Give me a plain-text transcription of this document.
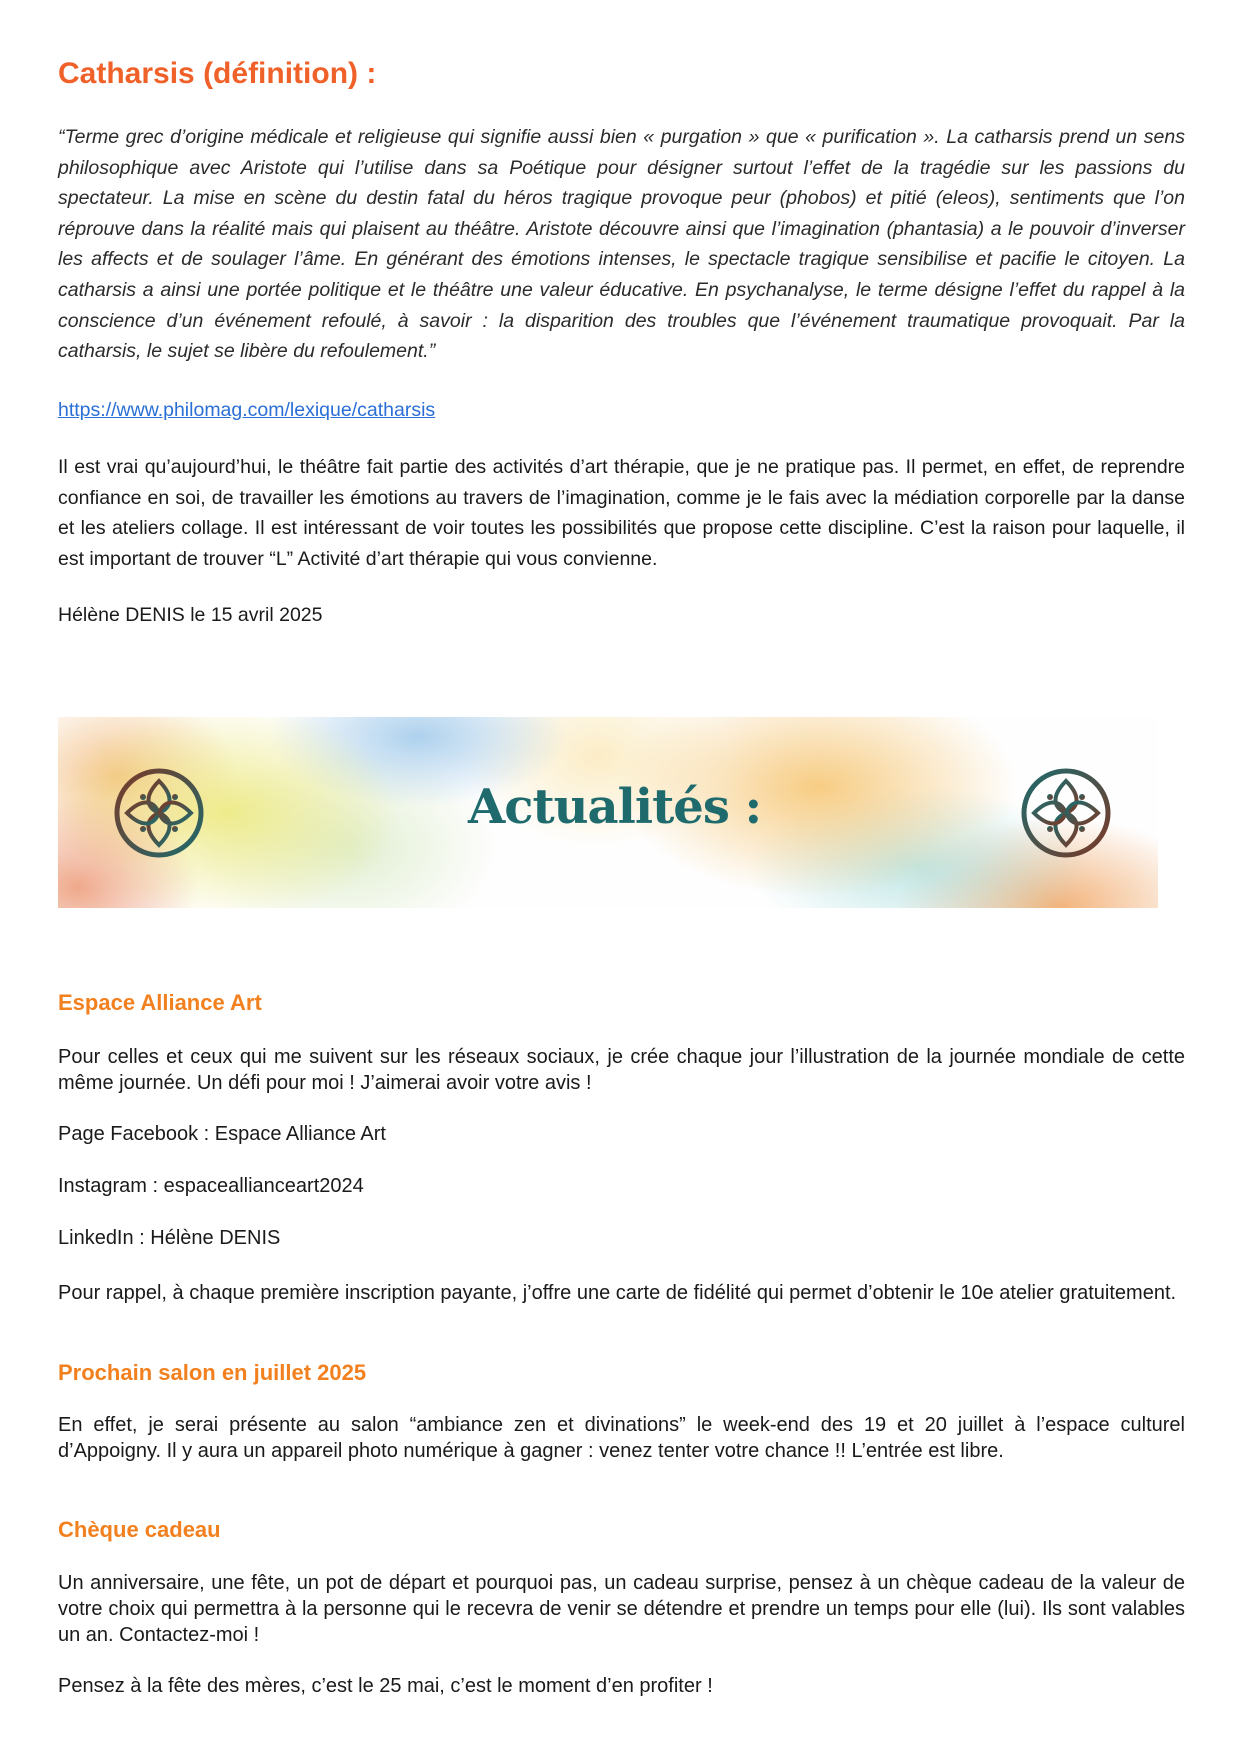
Catharsis (définition) :
“Terme grec d’origine médicale et religieuse qui signifie aussi bien « purgation » que « purification ». La catharsis prend un sens philosophique avec Aristote qui l’utilise dans sa Poétique pour désigner surtout l’effet de la tragédie sur les passions du spectateur. La mise en scène du destin fatal du héros tragique provoque peur (phobos) et pitié (eleos), sentiments que l’on réprouve dans la réalité mais qui plaisent au théâtre. Aristote découvre ainsi que l’imagination (phantasia) a le pouvoir d’inverser les affects et de soulager l’âme. En générant des émotions intenses, le spectacle tragique sensibilise et pacifie le citoyen. La catharsis a ainsi une portée politique et le théâtre une valeur éducative. En psychanalyse, le terme désigne l’effet du rappel à la conscience d’un événement refoulé, à savoir : la disparition des troubles que l’événement traumatique provoquait. Par la catharsis, le sujet se libère du refoulement.”
https://www.philomag.com/lexique/catharsis
Il est vrai qu’aujourd’hui, le théâtre fait partie des activités d’art thérapie, que je ne pratique pas. Il permet, en effet, de reprendre confiance en soi, de travailler les émotions au travers de l’imagination, comme je le fais avec la médiation corporelle par la danse et les ateliers collage. Il est intéressant de voir toutes les possibilités que propose cette discipline. C’est la raison pour laquelle, il est important de trouver “L” Activité d’art thérapie qui vous convienne.
Hélène DENIS le 15 avril 2025
Actualités :
Espace Alliance Art
Pour celles et ceux qui me suivent sur les réseaux sociaux, je crée chaque jour l’illustration de la journée mondiale de cette même journée. Un défi pour moi ! J’aimerai avoir votre avis !
Page Facebook : Espace Alliance Art
Instagram : espaceallianceart2024
LinkedIn : Hélène DENIS
Pour rappel, à chaque première inscription payante, j’offre une carte de fidélité qui permet d’obtenir le 10e atelier gratuitement.
Prochain salon en juillet 2025
En effet, je serai présente au salon “ambiance zen et divinations” le week-end des 19 et 20 juillet à l’espace culturel d’Appoigny. Il y aura un appareil photo numérique à gagner : venez tenter votre chance !! L’entrée est libre.
Chèque cadeau
Un anniversaire, une fête, un pot de départ et pourquoi pas, un cadeau surprise, pensez à un chèque cadeau de la valeur de votre choix qui permettra à la personne qui le recevra de venir se détendre et prendre un temps pour elle (lui). Ils sont valables un an. Contactez-moi !
Pensez à la fête des mères, c’est le 25 mai, c’est le moment d’en profiter !
